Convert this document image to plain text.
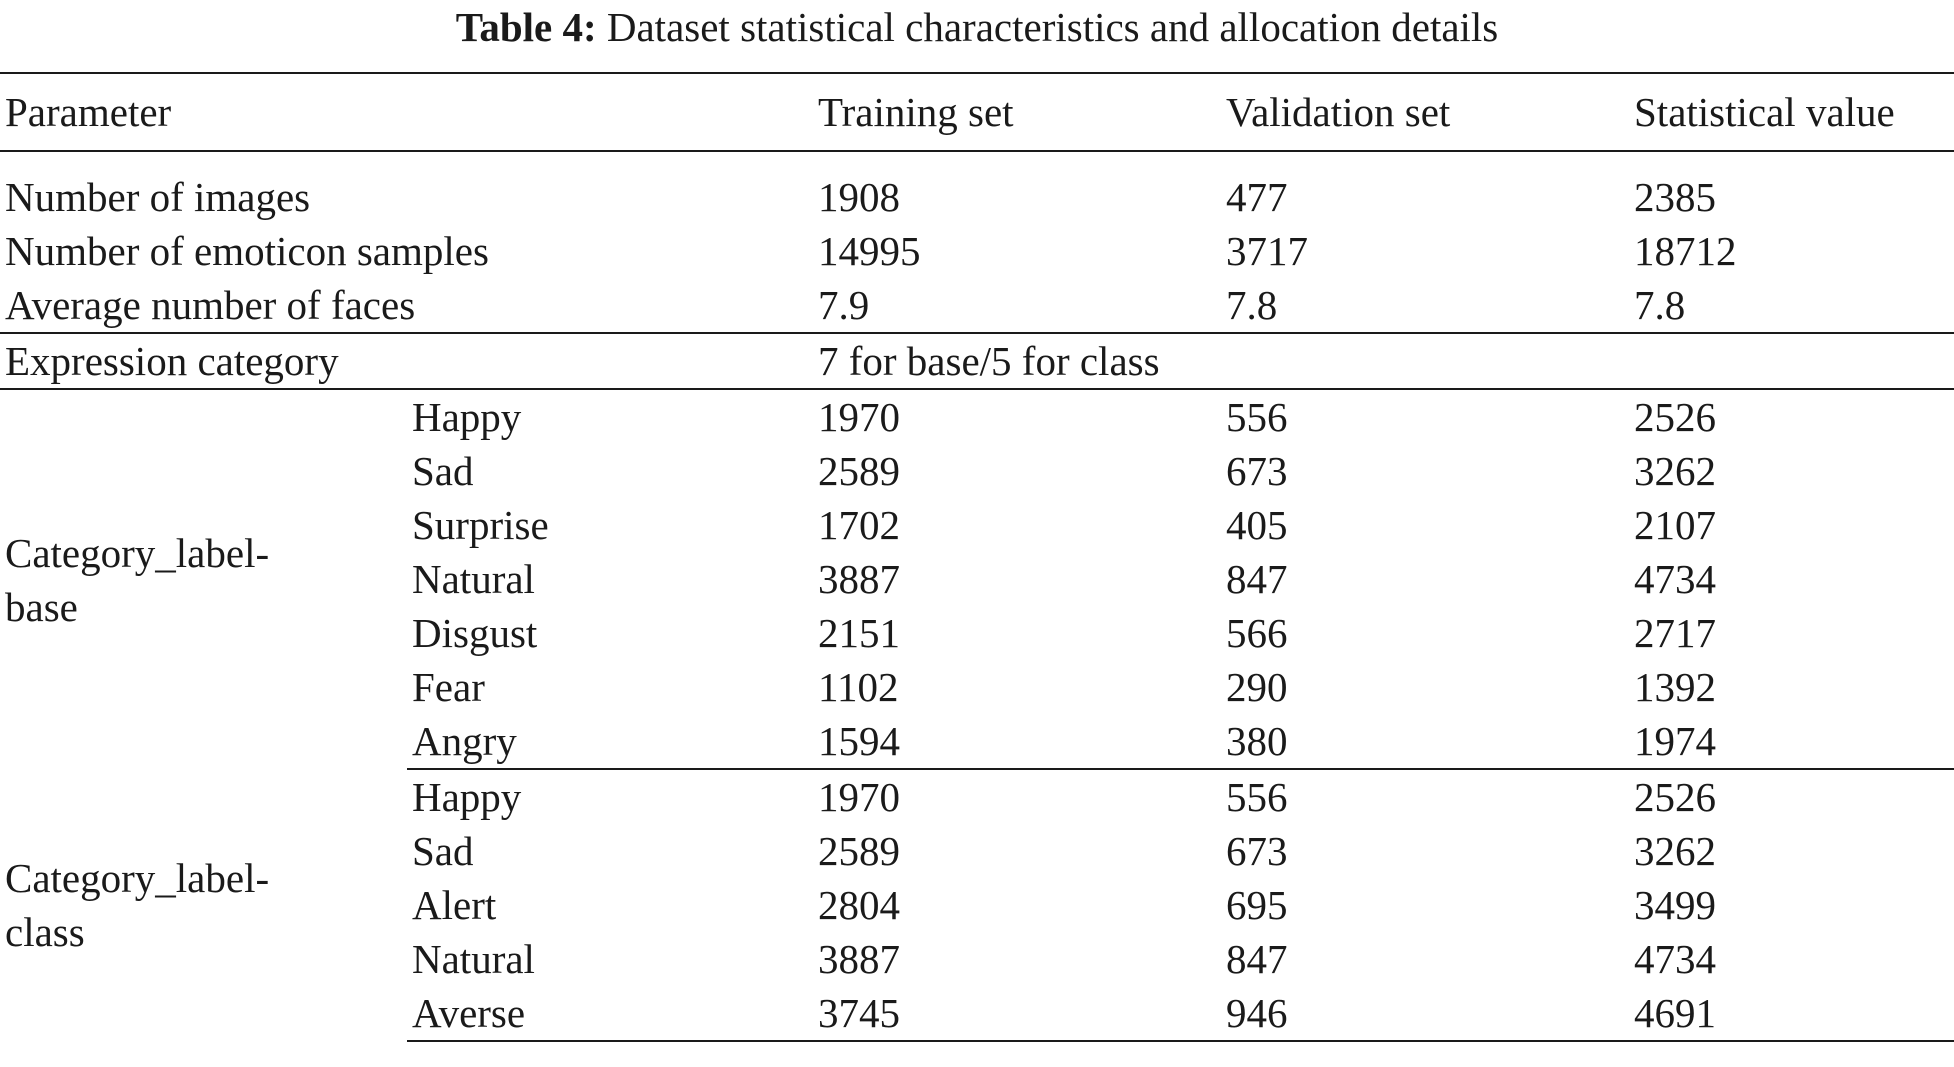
Table 4: Dataset statistical characteristics and allocation details
Parameter		Training set	Validation set	Statistical value
Number of images		1908	477	2385
Number of emoticon samples		14995	3717	18712
Average number of faces		7.9	7.8	7.8
Expression category		7 for base/5 for class		

Category_label-
base	Happy	1970	556	2526
	Sad	2589	673	3262
	Surprise	1702	405	2107
	Natural	3887	847	4734
	Disgust	2151	566	2717
	Fear	1102	290	1392
	Angry	1594	380	1974

Category_label-
class	Happy	1970	556	2526
	Sad	2589	673	3262
	Alert	2804	695	3499
	Natural	3887	847	4734
	Averse	3745	946	4691
